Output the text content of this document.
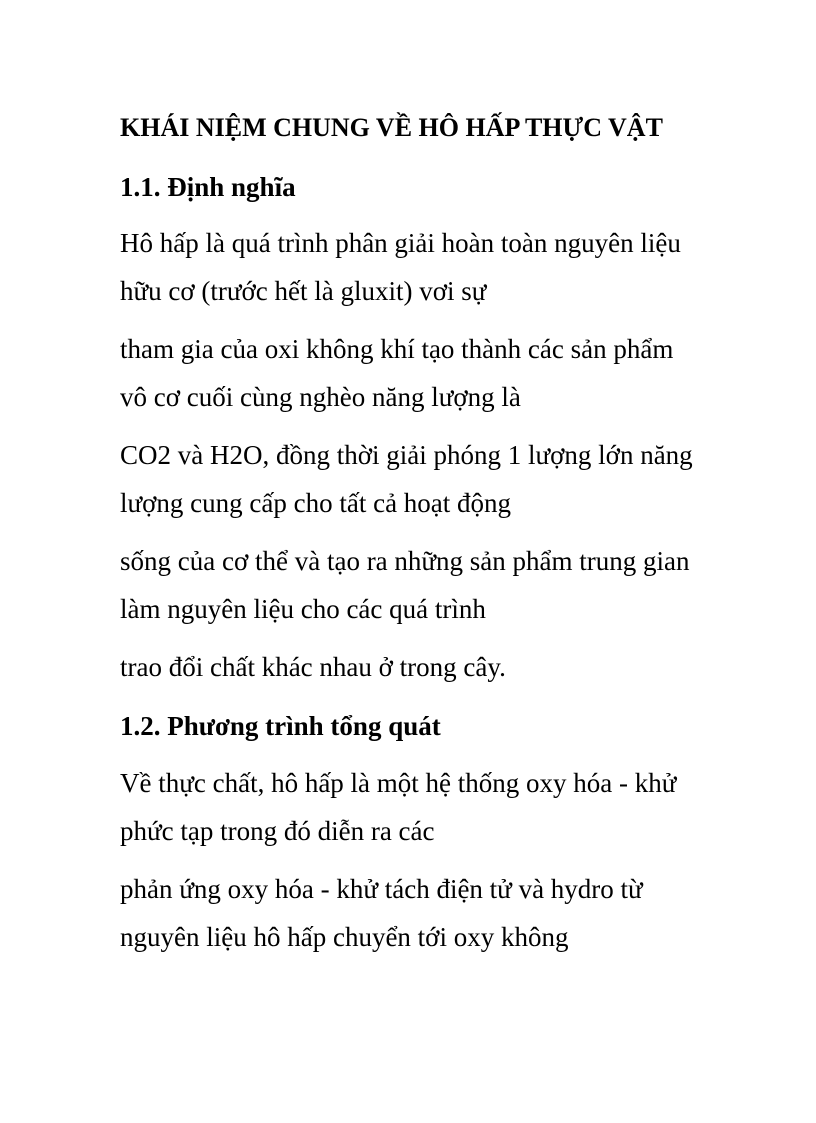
KHÁI NIỆM CHUNG VỀ HÔ HẤP THỰC VẬT
1.1. Định nghĩa
Hô hấp là quá trình phân giải hoàn toàn nguyên liệu
hữu cơ (trước hết là gluxit) vơi sự
tham gia của oxi không khí tạo thành các sản phẩm
vô cơ cuối cùng nghèo năng lượng là
CO2 và H2O, đồng thời giải phóng 1 lượng lớn năng
lượng cung cấp cho tất cả hoạt động
sống của cơ thể và tạo ra những sản phẩm trung gian
làm nguyên liệu cho các quá trình
trao đổi chất khác nhau ở trong cây.
1.2. Phương trình tổng quát
Về thực chất, hô hấp là một hệ thống oxy hóa - khử
phức tạp trong đó diễn ra các
phản ứng oxy hóa - khử tách điện tử và hydro từ
nguyên liệu hô hấp chuyển tới oxy không
